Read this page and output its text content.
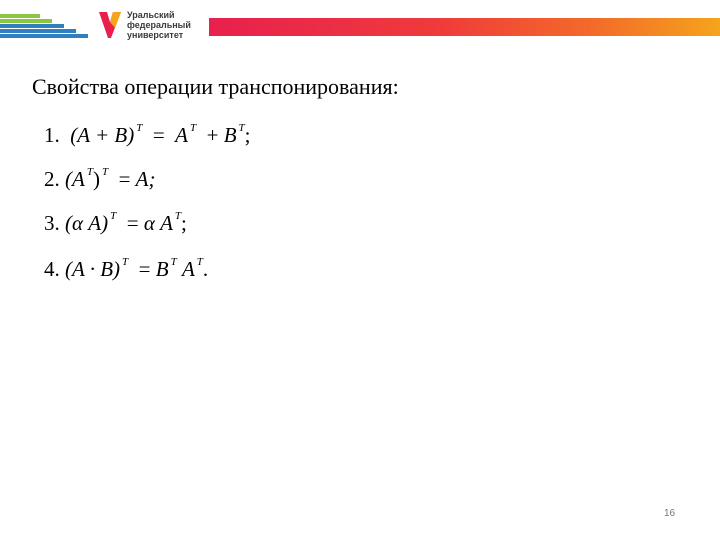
Уральский
федеральный
университет
Свойства операции транспонирования:
1. (A + B) $^T$ = A $^T$ + B $^T$;
2. (A $^T$) $^T$ = A;
3. (α A) $^T$ = α A $^T$;
4. (A · B) $^T$ = B $^T$ A $^T$.
16
